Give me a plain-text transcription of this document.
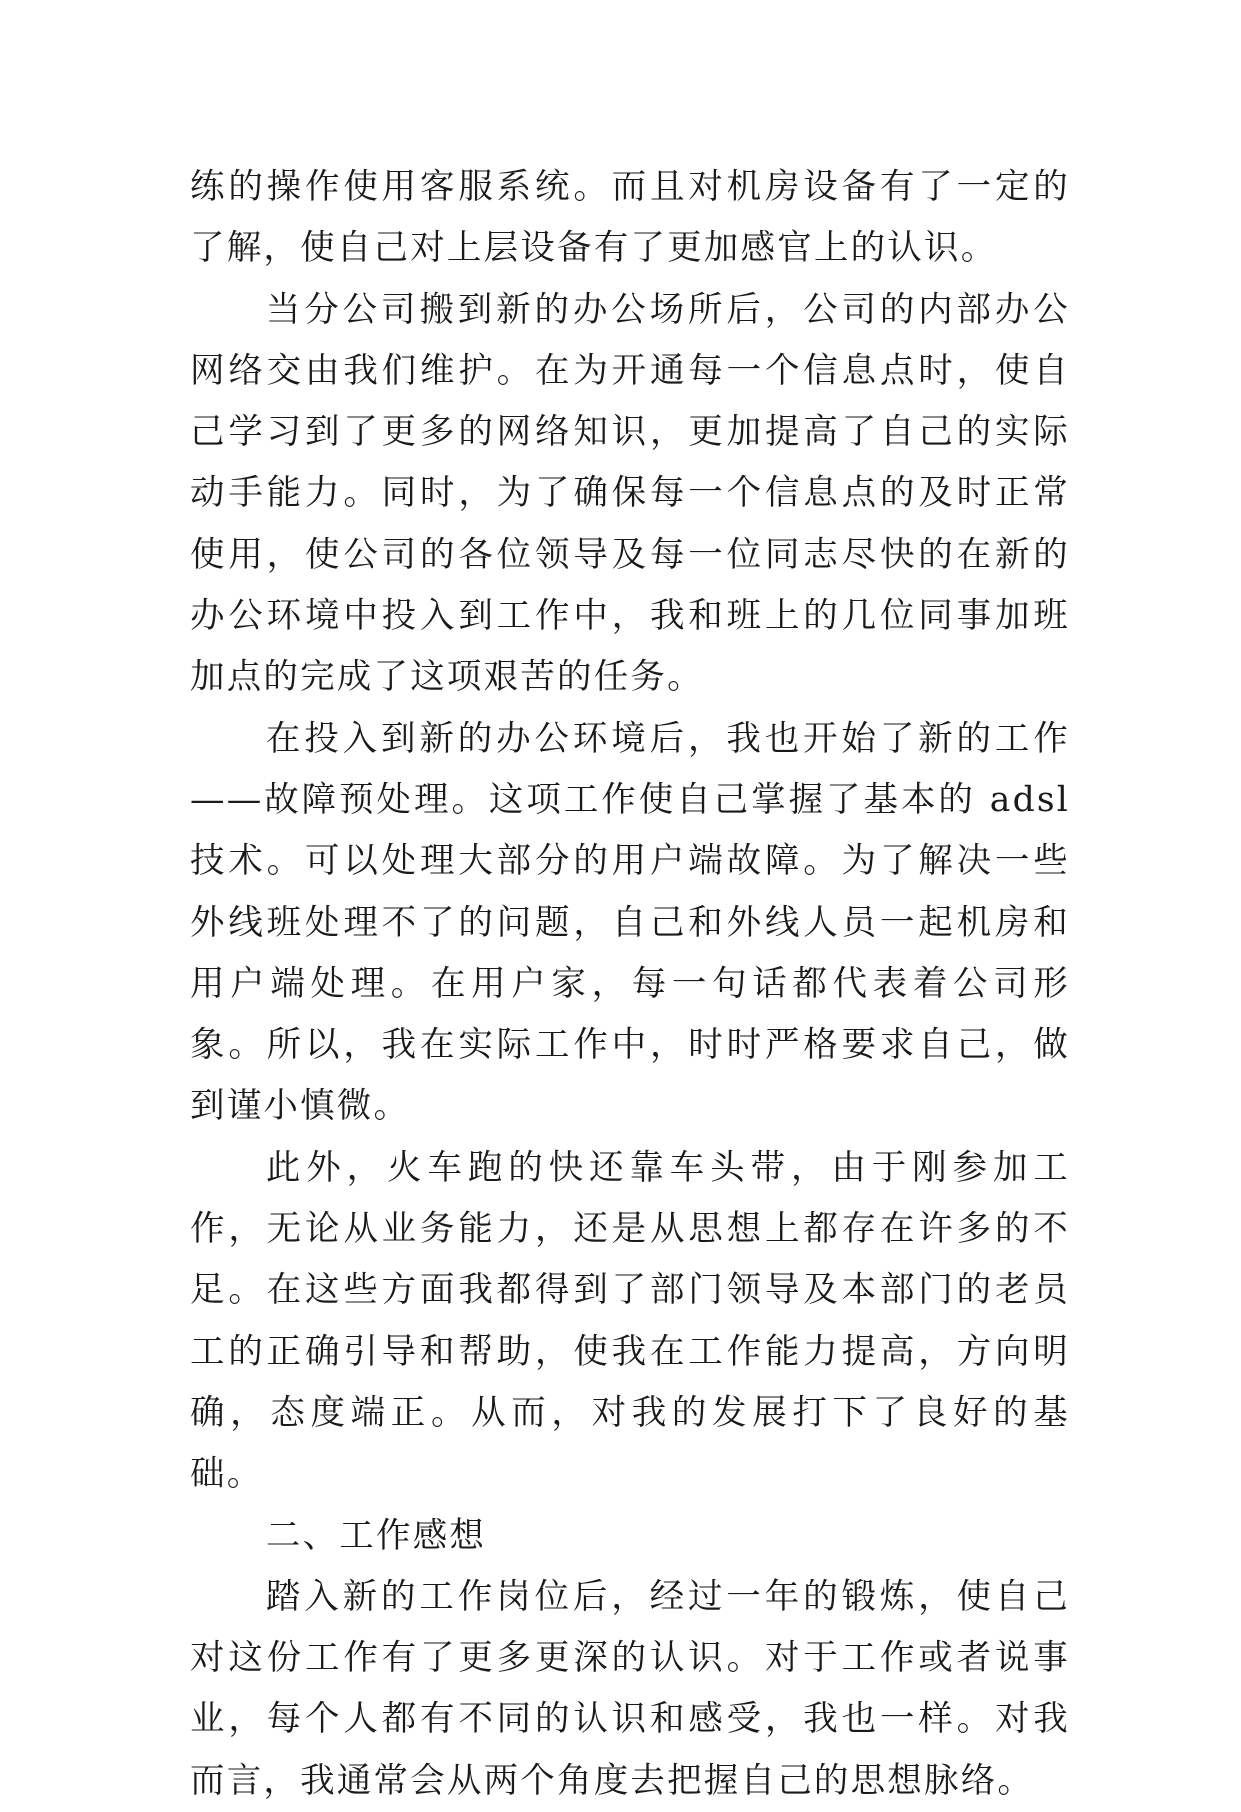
练的操作使用客服系统。而且对机房设备有了一定的了解，使自己对上层设备有了更加感官上的认识。

当分公司搬到新的办公场所后，公司的内部办公网络交由我们维护。在为开通每一个信息点时，使自己学习到了更多的网络知识，更加提高了自己的实际动手能力。同时，为了确保每一个信息点的及时正常使用，使公司的各位领导及每一位同志尽快的在新的办公环境中投入到工作中，我和班上的几位同事加班加点的完成了这项艰苦的任务。

在投入到新的办公环境后，我也开始了新的工作——故障预处理。这项工作使自己掌握了基本的 adsl 技术。可以处理大部分的用户端故障。为了解决一些外线班处理不了的问题，自己和外线人员一起机房和用户端处理。在用户家，每一句话都代表着公司形象。所以，我在实际工作中，时时严格要求自己，做到谨小慎微。

此外，火车跑的快还靠车头带，由于刚参加工作，无论从业务能力，还是从思想上都存在许多的不足。在这些方面我都得到了部门领导及本部门的老员工的正确引导和帮助，使我在工作能力提高，方向明确，态度端正。从而，对我的发展打下了良好的基础。

二、工作感想

踏入新的工作岗位后，经过一年的锻炼，使自己对这份工作有了更多更深的认识。对于工作或者说事业，每个人都有不同的认识和感受，我也一样。对我而言，我通常会从两个角度去把握自己的思想脉络。
